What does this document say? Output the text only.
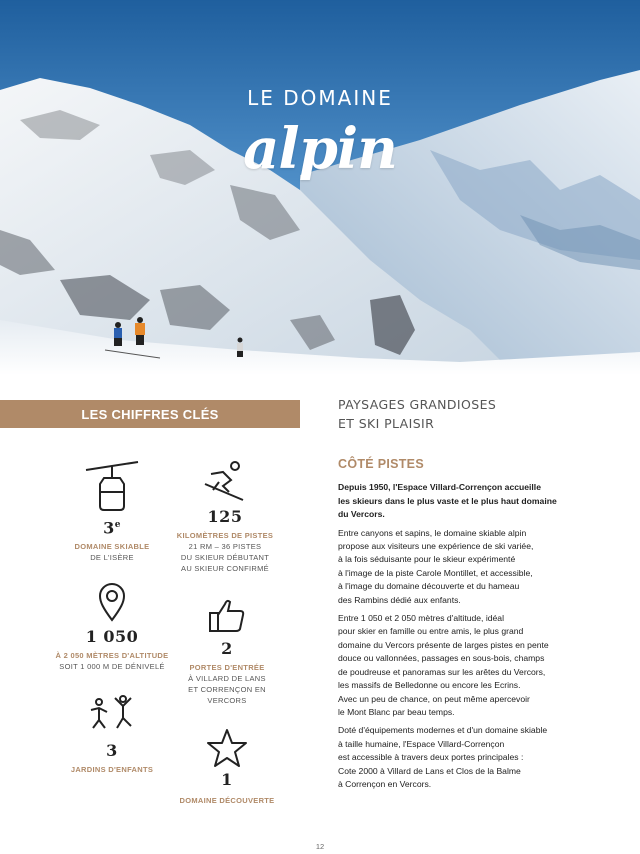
LE DOMAINE
alpin
LES CHIFFRES CLÉS
PAYSAGES GRANDIOSES
ET SKI PLAISIR
3e
DOMAINE SKIABLE
DE L'ISÈRE
125
KILOMÈTRES DE PISTES
21 RM – 36 PISTES
DU SKIEUR DÉBUTANT
AU SKIEUR CONFIRMÉ
1 050
À 2 050 MÈTRES D'ALTITUDE
SOIT 1 000 M DE DÉNIVELÉ
2
PORTES D'ENTRÉE
À VILLARD DE LANS
ET CORRENÇON EN
VERCORS
3
JARDINS D'ENFANTS
1
DOMAINE DÉCOUVERTE
CÔTÉ PISTES

Depuis 1950, l'Espace Villard-Corrençon accueille
les skieurs dans le plus vaste et le plus haut domaine
du Vercors.

Entre canyons et sapins, le domaine skiable alpin
propose aux visiteurs une expérience de ski variée,
à la fois séduisante pour le skieur expérimenté
à l'image de la piste Carole Montillet, et accessible,
à l'image du domaine découverte et du hameau
des Rambins dédié aux enfants.

Entre 1 050 et 2 050 mètres d'altitude, idéal
pour skier en famille ou entre amis, le plus grand
domaine du Vercors présente de larges pistes en pente
douce ou vallonnées, passages en sous-bois, champs
de poudreuse et panoramas sur les arêtes du Vercors,
les massifs de Belledonne ou encore les Ecrins.
Avec un peu de chance, on peut même apercevoir
le Mont Blanc par beau temps.

Doté d'équipements modernes et d'un domaine skiable
à taille humaine, l'Espace Villard-Corrençon
est accessible à travers deux portes principales :
Cote 2000 à Villard de Lans et Clos de la Balme
à Corrençon en Vercors.

12
